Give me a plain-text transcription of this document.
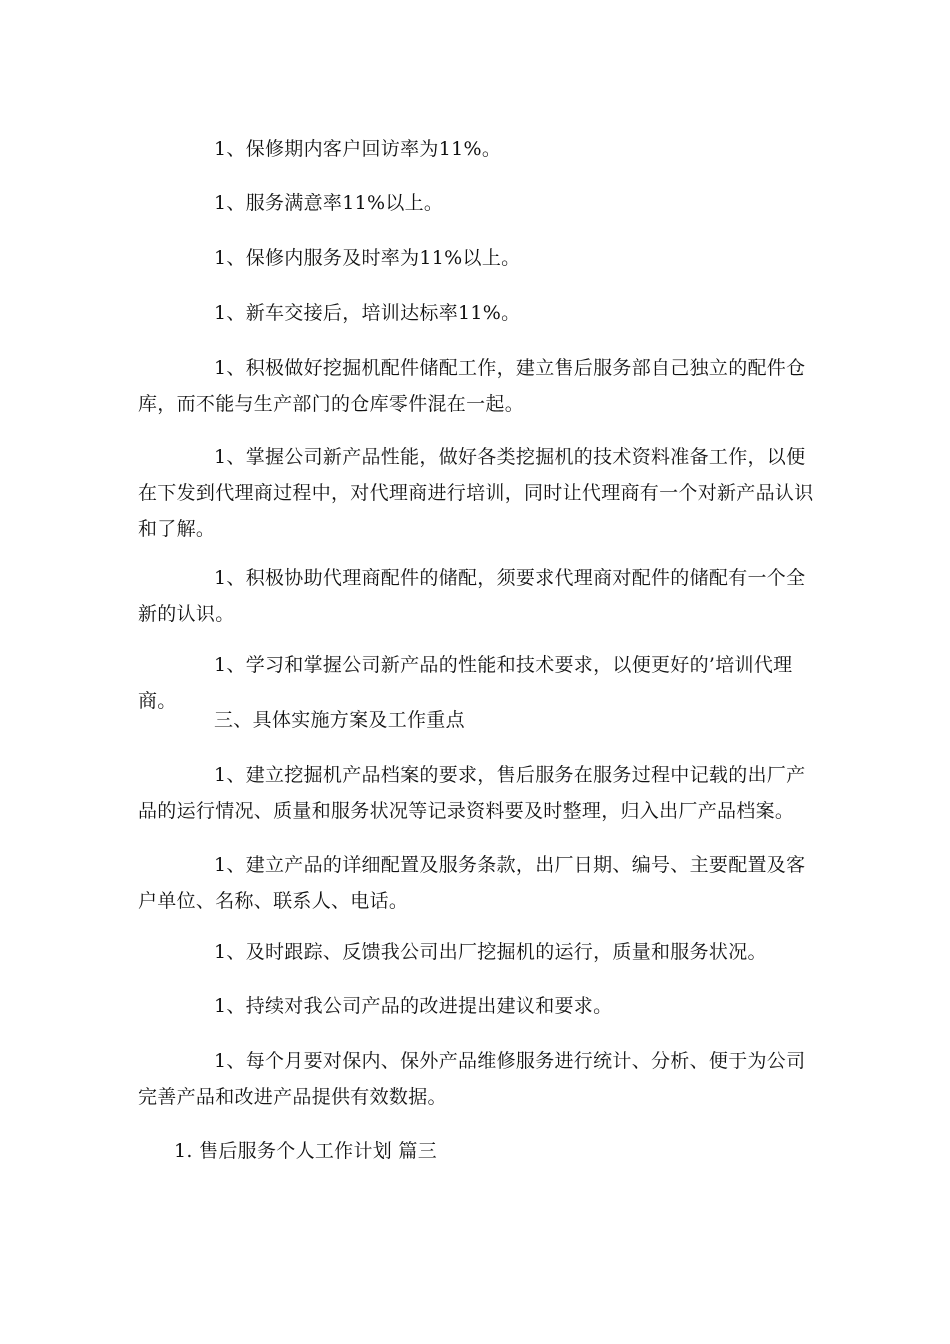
1、保修期内客户回访率为11%。

1、服务满意率11%以上。

1、保修内服务及时率为11%以上。

1、新车交接后，培训达标率11%。

1、积极做好挖掘机配件储配工作，建立售后服务部自己独立的配件仓库，而不能与生产部门的仓库零件混在一起。

1、掌握公司新产品性能，做好各类挖掘机的技术资料准备工作，以便在下发到代理商过程中，对代理商进行培训，同时让代理商有一个对新产品认识和了解。

1、积极协助代理商配件的储配，须要求代理商对配件的储配有一个全新的认识。

1、学习和掌握公司新产品的性能和技术要求，以便更好的’培训代理商。

三、具体实施方案及工作重点

1、建立挖掘机产品档案的要求，售后服务在服务过程中记载的出厂产品的运行情况、质量和服务状况等记录资料要及时整理，归入出厂产品档案。

1、建立产品的详细配置及服务条款，出厂日期、编号、主要配置及客户单位、名称、联系人、电话。

1、及时跟踪、反馈我公司出厂挖掘机的运行，质量和服务状况。

1、持续对我公司产品的改进提出建议和要求。

1、每个月要对保内、保外产品维修服务进行统计、分析、便于为公司完善产品和改进产品提供有效数据。

1. 售后服务个人工作计划 篇三
